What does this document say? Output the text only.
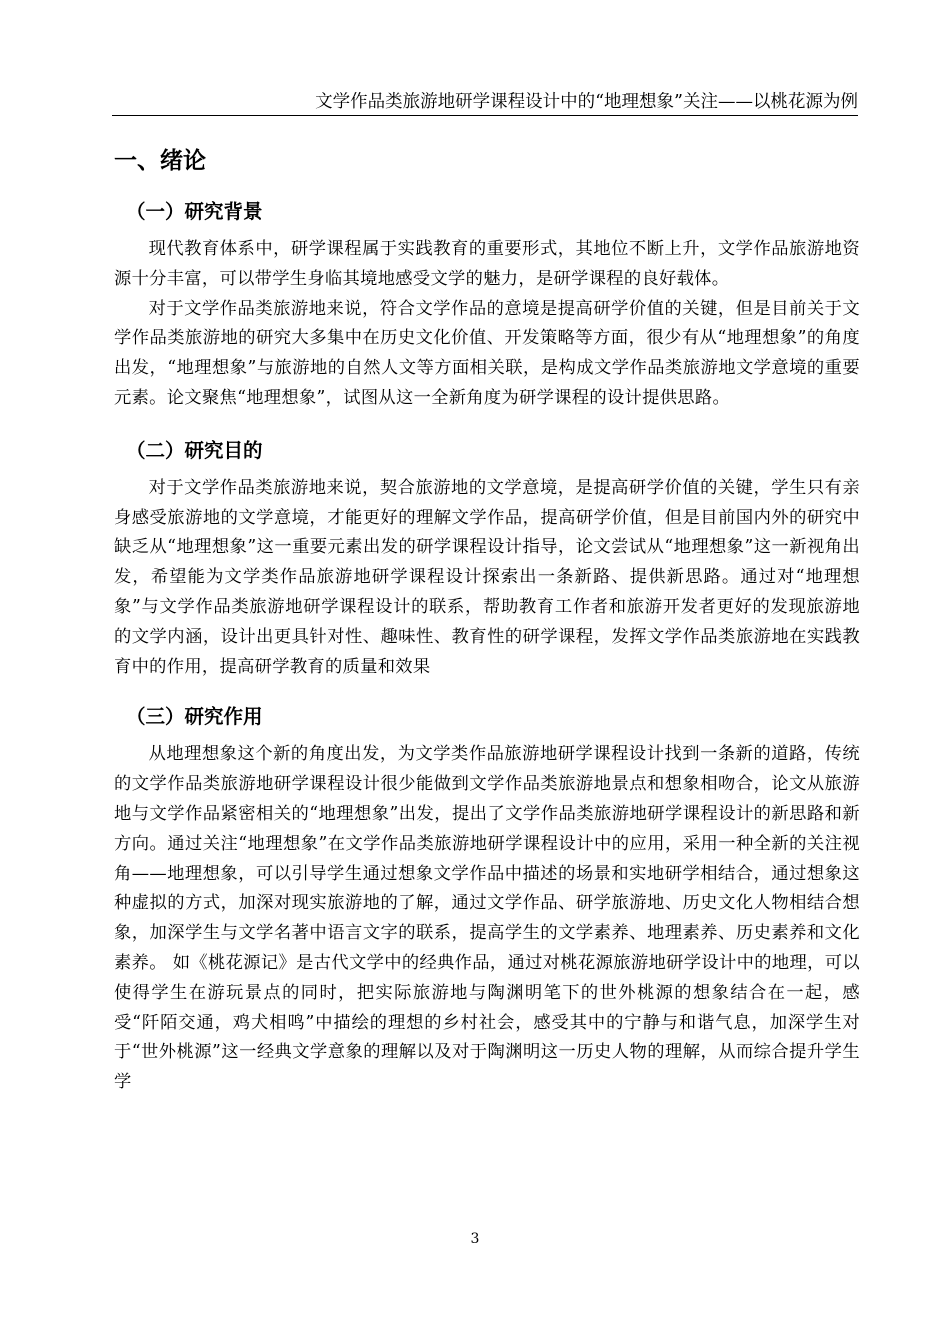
文学作品类旅游地研学课程设计中的“地理想象”关注——以桃花源为例
一、绪论
（一）研究背景

现代教育体系中，研学课程属于实践教育的重要形式，其地位不断上升，文学作品旅游地资源十分丰富，可以带学生身临其境地感受文学的魅力，是研学课程的良好载体。

对于文学作品类旅游地来说，符合文学作品的意境是提高研学价值的关键，但是目前关于文学作品类旅游地的研究大多集中在历史文化价值、开发策略等方面，很少有从“地理想象”的角度出发，“地理想象”与旅游地的自然人文等方面相关联，是构成文学作品类旅游地文学意境的重要元素。论文聚焦“地理想象”，试图从这一全新角度为研学课程的设计提供思路。

（二）研究目的

对于文学作品类旅游地来说，契合旅游地的文学意境，是提高研学价值的关键，学生只有亲身感受旅游地的文学意境，才能更好的理解文学作品，提高研学价值，但是目前国内外的研究中缺乏从“地理想象”这一重要元素出发的研学课程设计指导，论文尝试从“地理想象”这一新视角出发，希望能为文学类作品旅游地研学课程设计探索出一条新路、提供新思路。通过对“地理想象”与文学作品类旅游地研学课程设计的联系，帮助教育工作者和旅游开发者更好的发现旅游地的文学内涵，设计出更具针对性、趣味性、教育性的研学课程，发挥文学作品类旅游地在实践教育中的作用，提高研学教育的质量和效果

（三）研究作用

从地理想象这个新的角度出发，为文学类作品旅游地研学课程设计找到一条新的道路，传统的文学作品类旅游地研学课程设计很少能做到文学作品类旅游地景点和想象相吻合，论文从旅游地与文学作品紧密相关的“地理想象”出发，提出了文学作品类旅游地研学课程设计的新思路和新方向。通过关注“地理想象”在文学作品类旅游地研学课程设计中的应用，采用一种全新的关注视角——地理想象，可以引导学生通过想象文学作品中描述的场景和实地研学相结合，通过想象这种虚拟的方式，加深对现实旅游地的了解，通过文学作品、研学旅游地、历史文化人物相结合想象，加深学生与文学名著中语言文字的联系，提高学生的文学素养、地理素养、历史素养和文化素养。 如《桃花源记》是古代文学中的经典作品，通过对桃花源旅游地研学设计中的地理，可以使得学生在游玩景点的同时，把实际旅游地与陶渊明笔下的世外桃源的想象结合在一起，感受“阡陌交通，鸡犬相鸣”中描绘的理想的乡村社会，感受其中的宁静与和谐气息，加深学生对于“世外桃源”这一经典文学意象的理解以及对于陶渊明这一历史人物的理解，从而综合提升学生学

3
